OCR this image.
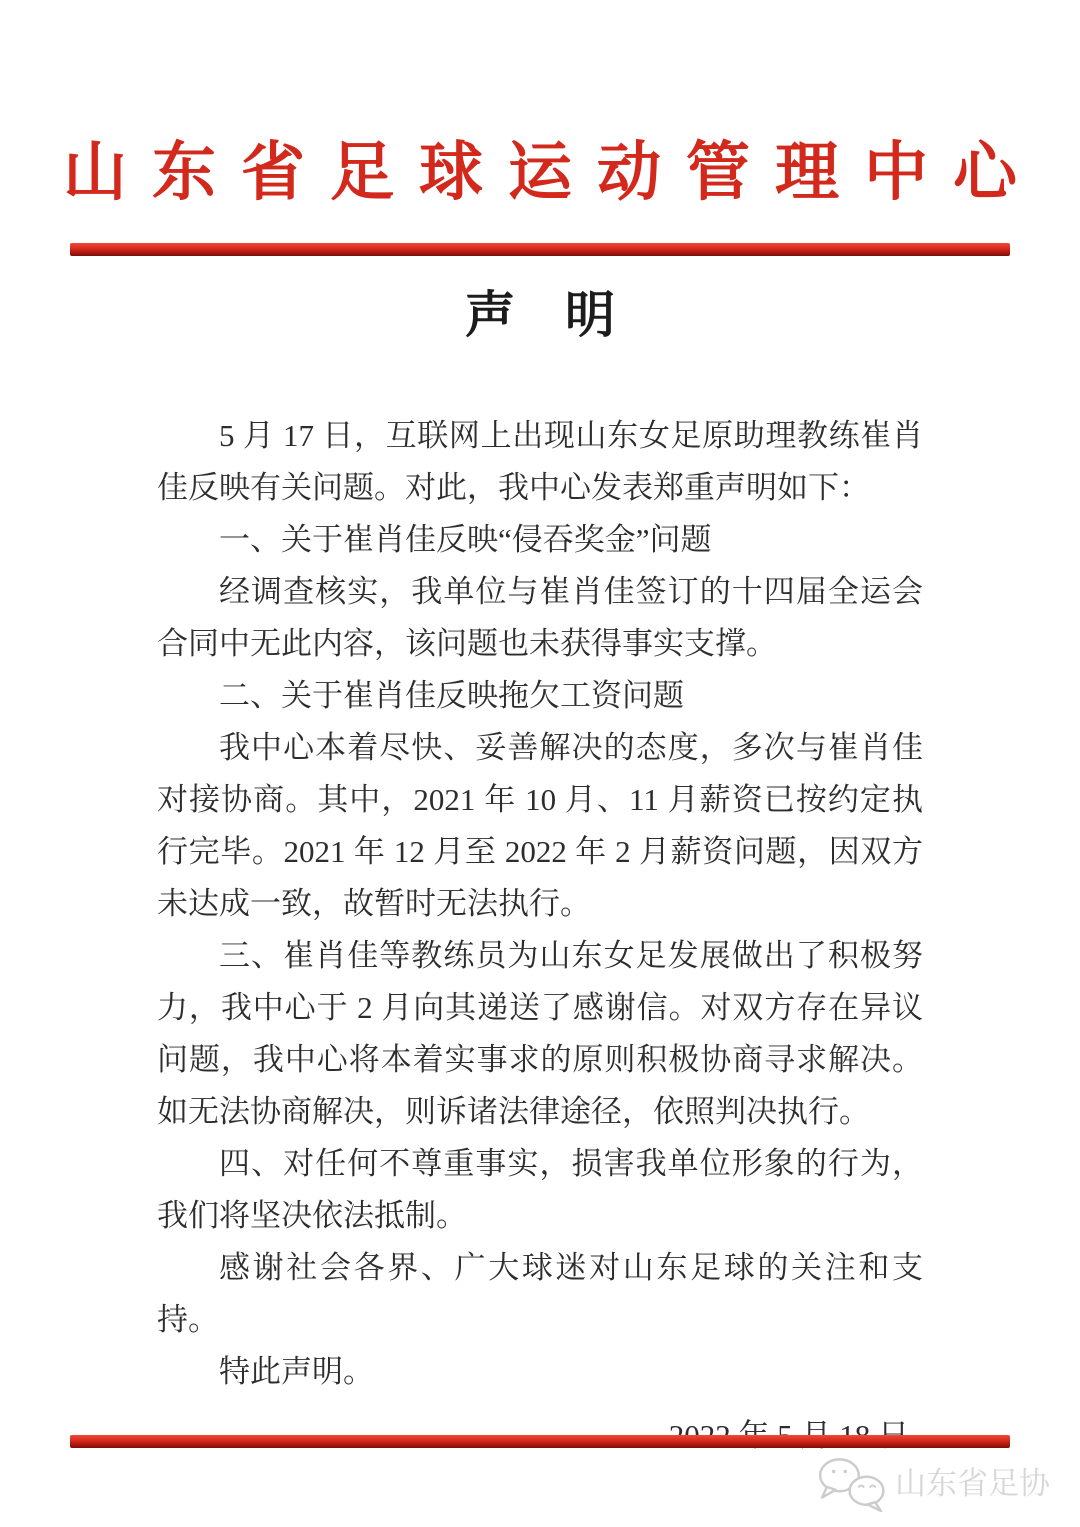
山东省足球运动管理中心
声　明

5 月 17 日，互联网上出现山东女足原助理教练崔肖佳反映有关问题。对此，我中心发表郑重声明如下：

一、关于崔肖佳反映“侵吞奖金”问题

经调查核实，我单位与崔肖佳签订的十四届全运会合同中无此内容，该问题也未获得事实支撑。

二、关于崔肖佳反映拖欠工资问题

我中心本着尽快、妥善解决的态度，多次与崔肖佳对接协商。其中，2021 年 10 月、11 月薪资已按约定执行完毕。2021 年 12 月至 2022 年 2 月薪资问题，因双方未达成一致，故暂时无法执行。

三、崔肖佳等教练员为山东女足发展做出了积极努力，我中心于 2 月向其递送了感谢信。对双方存在异议问题，我中心将本着实事求的原则积极协商寻求解决。如无法协商解决，则诉诸法律途径，依照判决执行。

四、对任何不尊重事实，损害我单位形象的行为，我们将坚决依法抵制。

感谢社会各界、广大球迷对山东足球的关注和支持。

特此声明。

山东省足协
